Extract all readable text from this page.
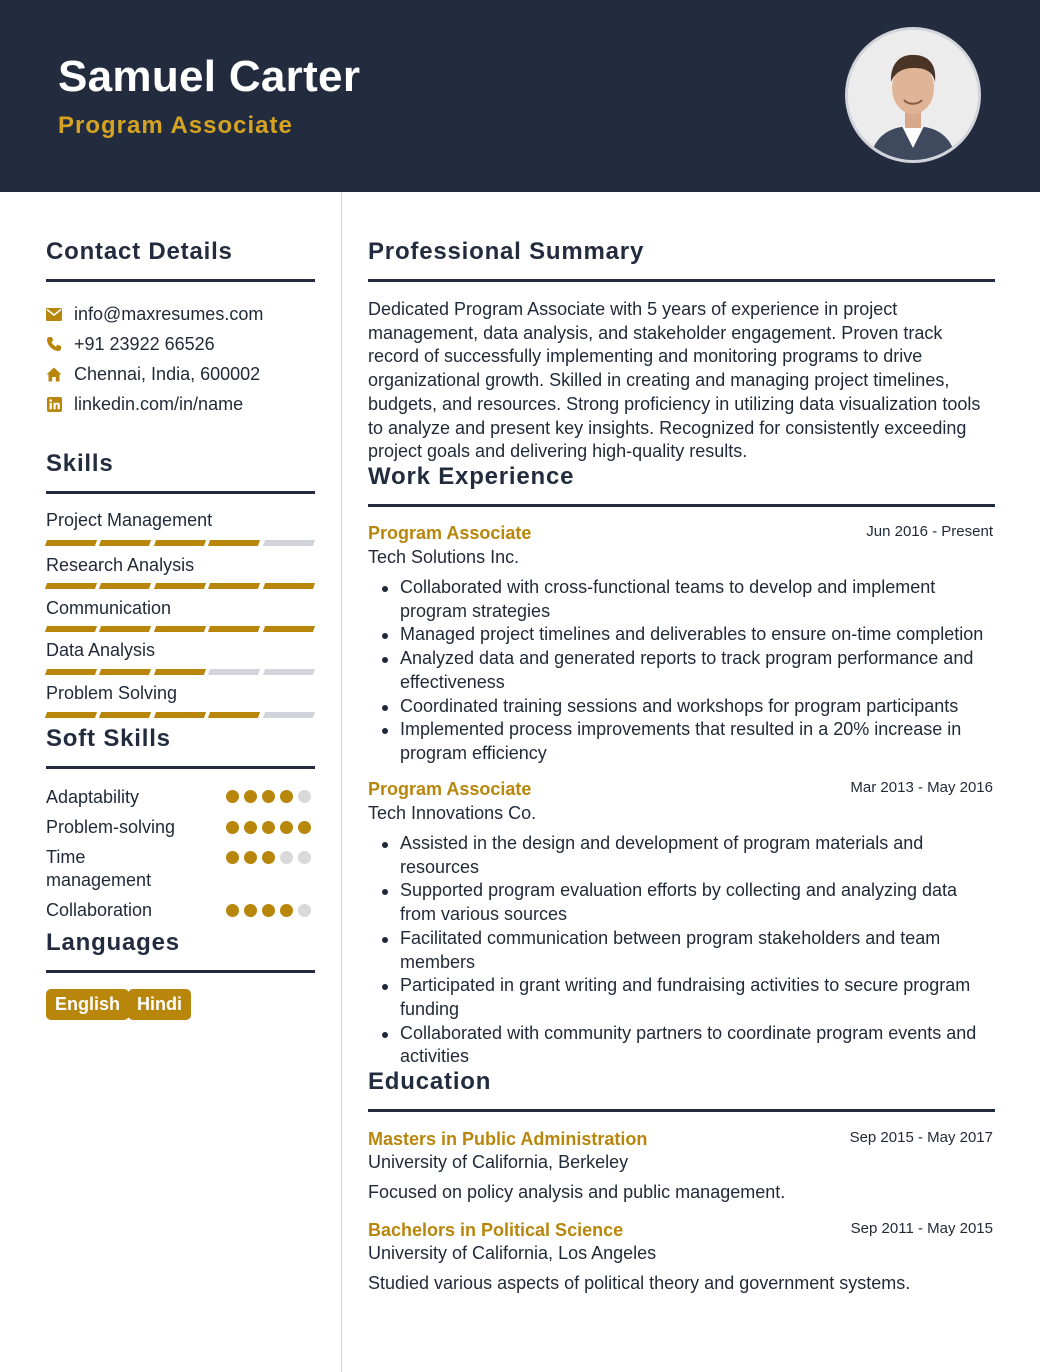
Samuel Carter
Program Associate
Contact Details
info@maxresumes.com
+91 23922 66526
Chennai, India, 600002
linkedin.com/in/name
Skills
Project Management
Research Analysis
Communication
Data Analysis
Problem Solving
Soft Skills
Adaptability
Problem-solving
Time management
Collaboration
Languages
English Hindi
Professional Summary
Dedicated Program Associate with 5 years of experience in project management, data analysis, and stakeholder engagement. Proven track record of successfully implementing and monitoring programs to drive organizational growth. Skilled in creating and managing project timelines, budgets, and resources. Strong proficiency in utilizing data visualization tools to analyze and present key insights. Recognized for consistently exceeding project goals and delivering high-quality results.
Work Experience
Program Associate	Jun 2016 - Present
Tech Solutions Inc.
Collaborated with cross-functional teams to develop and implement program strategies
Managed project timelines and deliverables to ensure on-time completion
Analyzed data and generated reports to track program performance and effectiveness
Coordinated training sessions and workshops for program participants
Implemented process improvements that resulted in a 20% increase in program efficiency
Program Associate	Mar 2013 - May 2016
Tech Innovations Co.
Assisted in the design and development of program materials and resources
Supported program evaluation efforts by collecting and analyzing data from various sources
Facilitated communication between program stakeholders and team members
Participated in grant writing and fundraising activities to secure program funding
Collaborated with community partners to coordinate program events and activities
Education
Masters in Public Administration	Sep 2015 - May 2017
University of California, Berkeley
Focused on policy analysis and public management.
Bachelors in Political Science	Sep 2011 - May 2015
University of California, Los Angeles
Studied various aspects of political theory and government systems.
